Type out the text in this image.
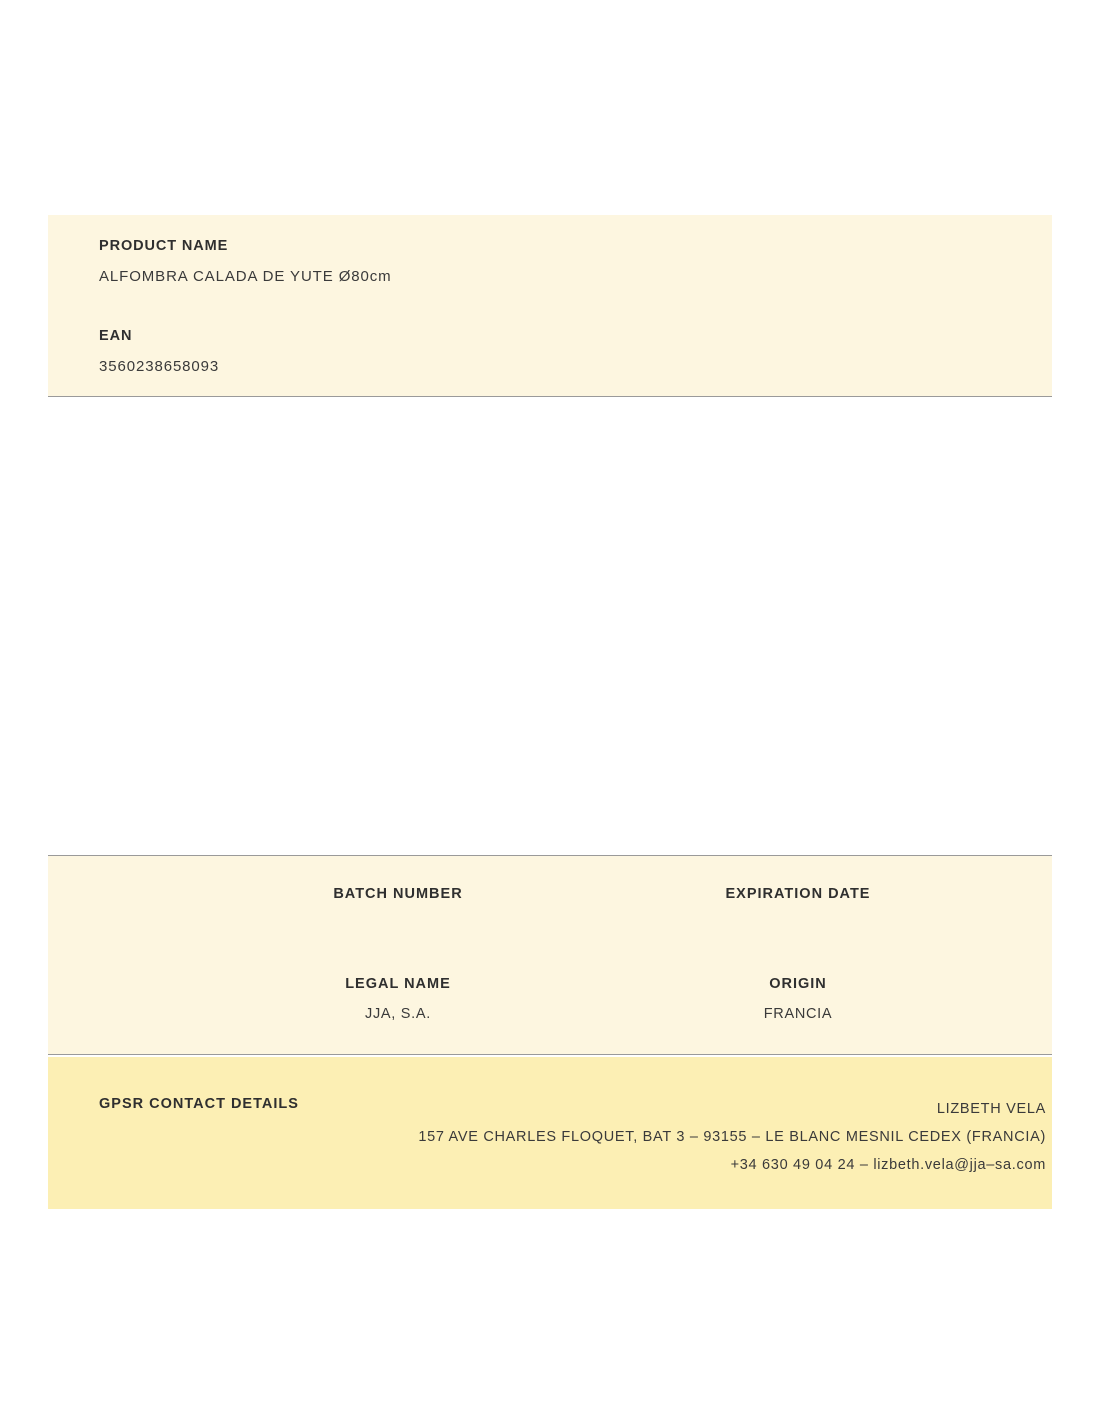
PRODUCT NAME
ALFOMBRA CALADA DE YUTE Ø80cm
EAN
3560238658093
BATCH NUMBER	EXPIRATION DATE
LEGAL NAME	ORIGIN
JJA, S.A.	FRANCIA
GPSR CONTACT DETAILS	LIZBETH VELA
157 AVE CHARLES FLOQUET, BAT 3 – 93155 – LE BLANC MESNIL CEDEX (FRANCIA)
+34 630 49 04 24 – lizbeth.vela@jja–sa.com
